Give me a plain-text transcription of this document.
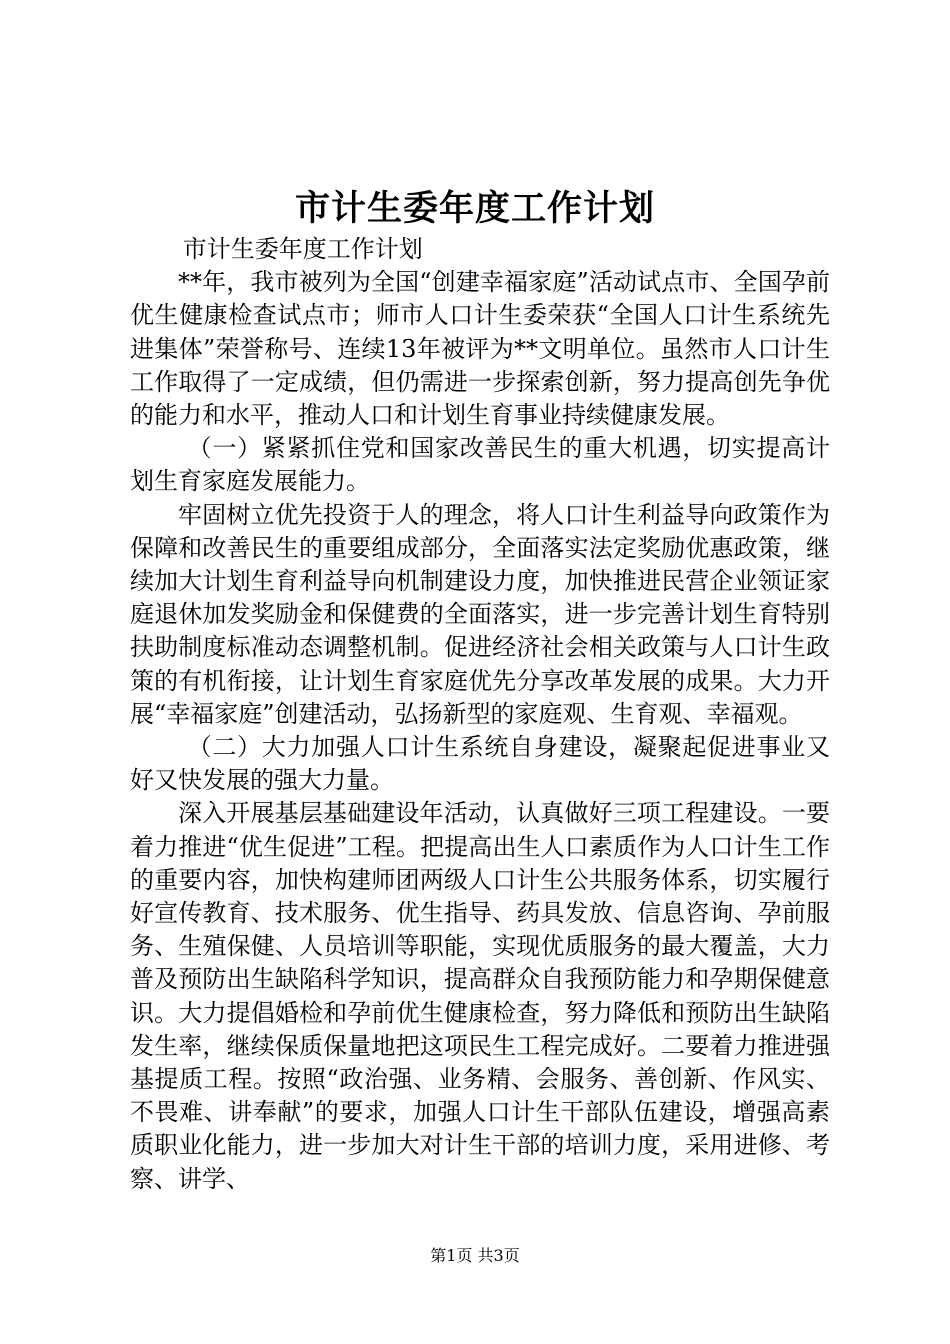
市计生委年度工作计划

市计生委年度工作计划

**年，我市被列为全国“创建幸福家庭”活动试点市、全国孕前优生健康检查试点市；师市人口计生委荣获“全国人口计生系统先进集体”荣誉称号、连续13年被评为**文明单位。虽然市人口计生工作取得了一定成绩，但仍需进一步探索创新，努力提高创先争优的能力和水平，推动人口和计划生育事业持续健康发展。

（一）紧紧抓住党和国家改善民生的重大机遇，切实提高计划生育家庭发展能力。

牢固树立优先投资于人的理念，将人口计生利益导向政策作为保障和改善民生的重要组成部分，全面落实法定奖励优惠政策，继续加大计划生育利益导向机制建设力度，加快推进民营企业领证家庭退休加发奖励金和保健费的全面落实，进一步完善计划生育特别扶助制度标准动态调整机制。促进经济社会相关政策与人口计生政策的有机衔接，让计划生育家庭优先分享改革发展的成果。大力开展“幸福家庭”创建活动，弘扬新型的家庭观、生育观、幸福观。

（二）大力加强人口计生系统自身建设，凝聚起促进事业又好又快发展的强大力量。

深入开展基层基础建设年活动，认真做好三项工程建设。一要着力推进“优生促进”工程。把提高出生人口素质作为人口计生工作的重要内容，加快构建师团两级人口计生公共服务体系，切实履行好宣传教育、技术服务、优生指导、药具发放、信息咨询、孕前服务、生殖保健、人员培训等职能，实现优质服务的最大覆盖，大力普及预防出生缺陷科学知识，提高群众自我预防能力和孕期保健意识。大力提倡婚检和孕前优生健康检查，努力降低和预防出生缺陷发生率，继续保质保量地把这项民生工程完成好。二要着力推进强基提质工程。按照“政治强、业务精、会服务、善创新、作风实、不畏难、讲奉献”的要求，加强人口计生干部队伍建设，增强高素质职业化能力，进一步加大对计生干部的培训力度，采用进修、考察、讲学、

第1页 共3页
